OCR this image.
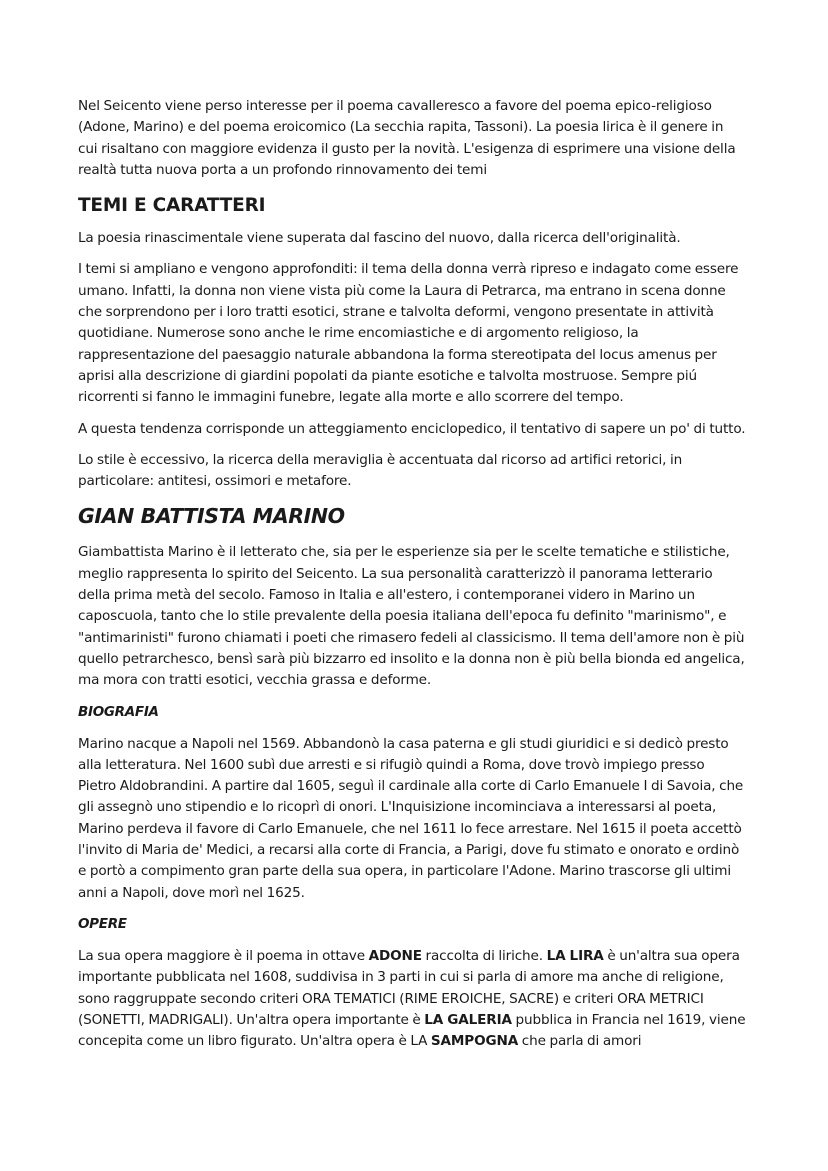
Nel Seicento viene perso interesse per il poema cavalleresco a favore del poema epico-religioso (Adone, Marino) e del poema eroicomico (La secchia rapita, Tassoni). La poesia lirica è il genere in cui risaltano con maggiore evidenza il gusto per la novità. L'esigenza di esprimere una visione della realtà tutta nuova porta a un profondo rinnovamento dei temi

TEMI E CARATTERI

La poesia rinascimentale viene superata dal fascino del nuovo, dalla ricerca dell'originalità.

I temi si ampliano e vengono approfonditi: il tema della donna verrà ripreso e indagato come essere umano. Infatti, la donna non viene vista più come la Laura di Petrarca, ma entrano in scena donne che sorprendono per i loro tratti esotici, strane e talvolta deformi, vengono presentate in attività quotidiane. Numerose sono anche le rime encomiastiche e di argomento religioso, la rappresentazione del paesaggio naturale abbandona la forma stereotipata del locus amenus per aprisi alla descrizione di giardini popolati da piante esotiche e talvolta mostruose. Sempre piú ricorrenti si fanno le immagini funebre, legate alla morte e allo scorrere del tempo.

A questa tendenza corrisponde un atteggiamento enciclopedico, il tentativo di sapere un po' di tutto.

Lo stile è eccessivo, la ricerca della meraviglia è accentuata dal ricorso ad artifici retorici, in particolare: antitesi, ossimori e metafore.

GIAN BATTISTA MARINO

Giambattista Marino è il letterato che, sia per le esperienze sia per le scelte tematiche e stilistiche, meglio rappresenta lo spirito del Seicento. La sua personalità caratterizzò il panorama letterario della prima metà del secolo. Famoso in Italia e all'estero, i contemporanei videro in Marino un caposcuola, tanto che lo stile prevalente della poesia italiana dell'epoca fu definito "marinismo", e "antimarinisti" furono chiamati i poeti che rimasero fedeli al classicismo. Il tema dell'amore non è più quello petrarchesco, bensì sarà più bizzarro ed insolito e la donna non è più bella bionda ed angelica, ma mora con tratti esotici, vecchia grassa e deforme.

BIOGRAFIA

Marino nacque a Napoli nel 1569. Abbandonò la casa paterna e gli studi giuridici e si dedicò presto alla letteratura. Nel 1600 subì due arresti e si rifugiò quindi a Roma, dove trovò impiego presso Pietro Aldobrandini. A partire dal 1605, seguì il cardinale alla corte di Carlo Emanuele I di Savoia, che gli assegnò uno stipendio e lo ricoprì di onori. L'Inquisizione incominciava a interessarsi al poeta, Marino perdeva il favore di Carlo Emanuele, che nel 1611 lo fece arrestare. Nel 1615 il poeta accettò l'invito di Maria de' Medici, a recarsi alla corte di Francia, a Parigi, dove fu stimato e onorato e ordinò e portò a compimento gran parte della sua opera, in particolare l'Adone. Marino trascorse gli ultimi anni a Napoli, dove morì nel 1625.

OPERE

La sua opera maggiore è il poema in ottave ADONE raccolta di liriche. LA LIRA è un'altra sua opera importante pubblicata nel 1608, suddivisa in 3 parti in cui si parla di amore ma anche di religione, sono raggruppate secondo criteri ORA TEMATICI (RIME EROICHE, SACRE) e criteri ORA METRICI (SONETTI, MADRIGALI). Un'altra opera importante è LA GALERIA pubblica in Francia nel 1619, viene concepita come un libro figurato. Un'altra opera è LA SAMPOGNA che parla di amori
